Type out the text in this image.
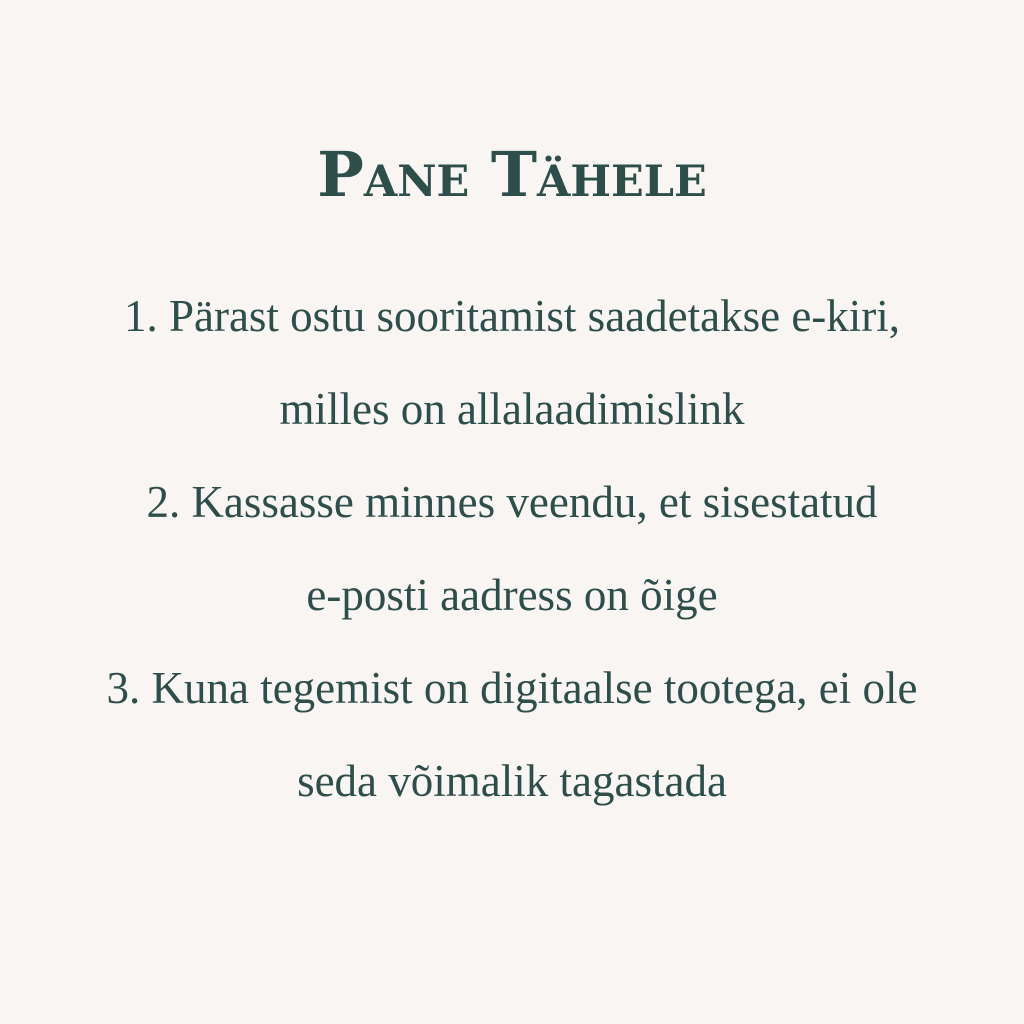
Pane Tähele

1. Pärast ostu sooritamist saadetakse e-kiri,

milles on allalaadimislink

2. Kassasse minnes veendu, et sisestatud

e-posti aadress on õige

3. Kuna tegemist on digitaalse tootega, ei ole

seda võimalik tagastada
